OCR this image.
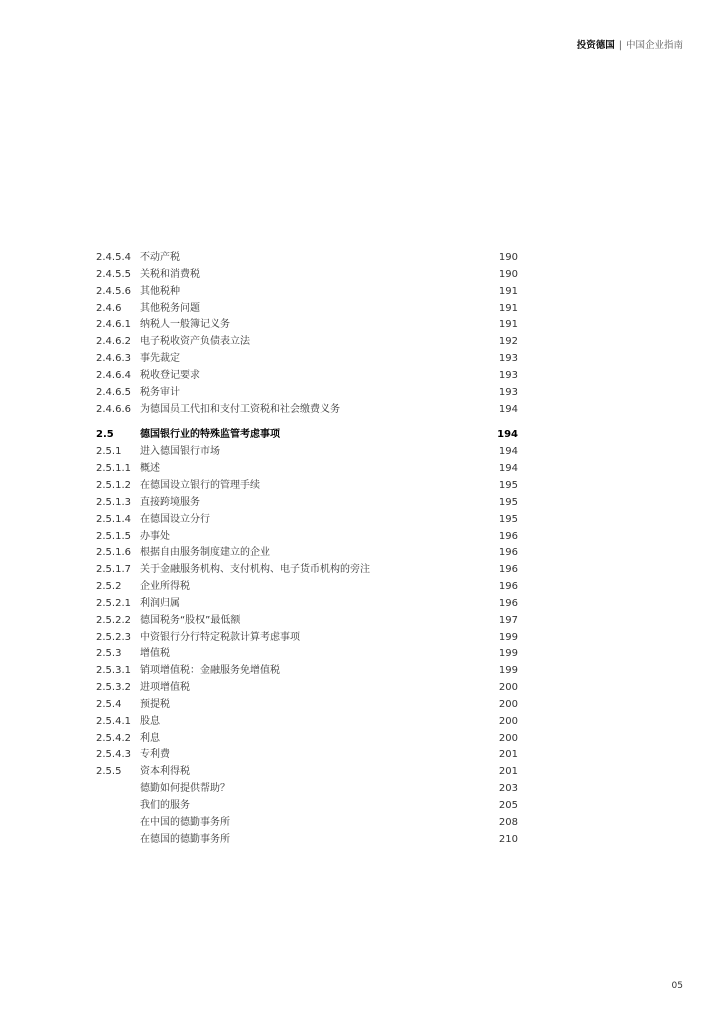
投资德国 | 中国企业指南
2.4.5.4 不动产税	190
2.4.5.5 关税和消费税	190
2.4.5.6 其他税种	191
2.4.6 其他税务问题	191
2.4.6.1 纳税人一般簿记义务	191
2.4.6.2 电子税收资产负债表立法	192
2.4.6.3 事先裁定	193
2.4.6.4 税收登记要求	193
2.4.6.5 税务审计	193
2.4.6.6 为德国员工代扣和支付工资税和社会缴费义务	194
2.5	德国银行业的特殊监管考虑事项	194
2.5.1 进入德国银行市场	194
2.5.1.1 概述	194
2.5.1.2 在德国设立银行的管理手续	195
2.5.1.3 直接跨境服务	195
2.5.1.4 在德国设立分行	195
2.5.1.5 办事处	196
2.5.1.6 根据自由服务制度建立的企业	196
2.5.1.7 关于金融服务机构、支付机构、电子货币机构的旁注	196
2.5.2 企业所得税	196
2.5.2.1 利润归属	196
2.5.2.2 德国税务“股权”最低额	197
2.5.2.3 中资银行分行特定税款计算考虑事项	199
2.5.3 增值税	199
2.5.3.1 销项增值税：金融服务免增值税	199
2.5.3.2 进项增值税	200
2.5.4 预提税	200
2.5.4.1 股息	200
2.5.4.2 利息	200
2.5.4.3 专利费	201
2.5.5 资本利得税	201
德勤如何提供帮助？	203
我们的服务	205
在中国的德勤事务所	208
在德国的德勤事务所	210
05
